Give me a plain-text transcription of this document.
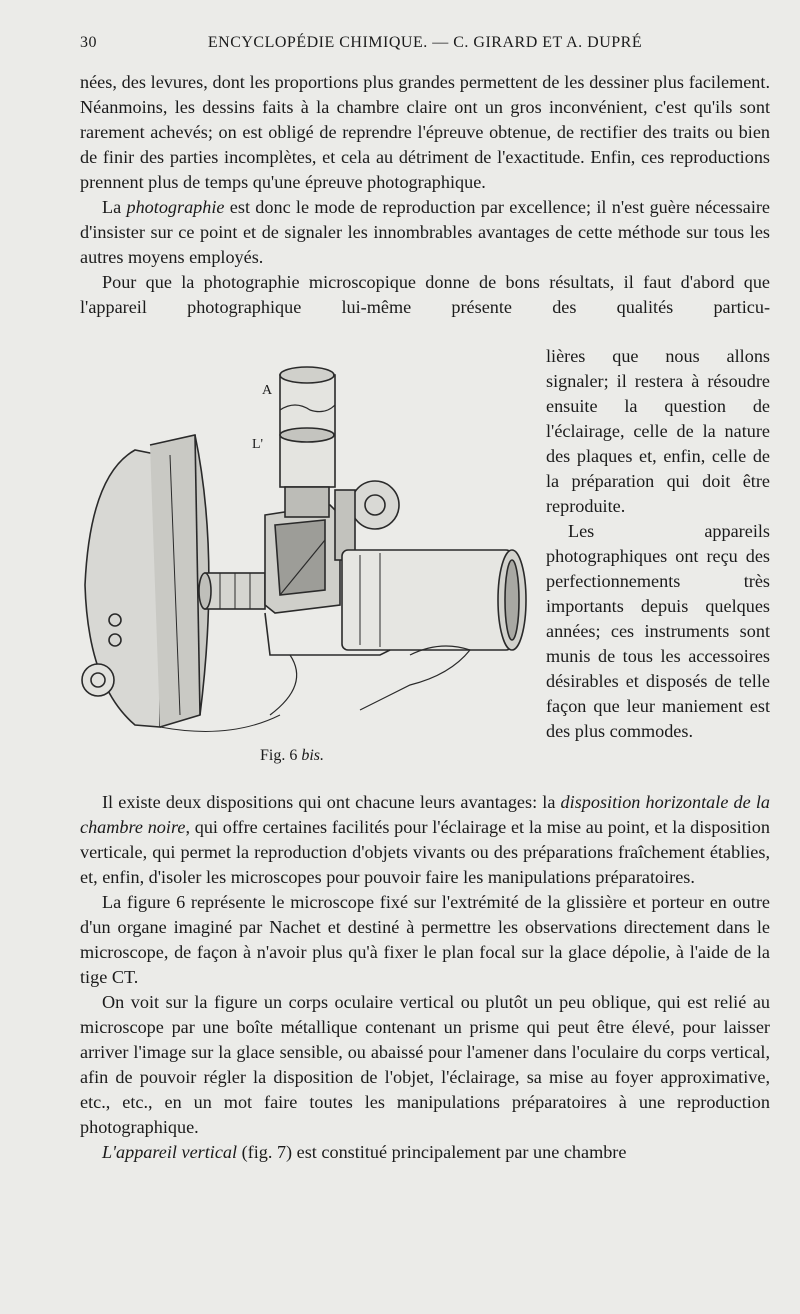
30	ENCYCLOPÉDIE CHIMIQUE. — C. GIRARD ET A. DUPRÉ

nées, des levures, dont les proportions plus grandes permettent de les dessiner plus facilement. Néanmoins, les dessins faits à la chambre claire ont un gros inconvénient, c'est qu'ils sont rarement achevés; on est obligé de reprendre l'épreuve obtenue, de rectifier des traits ou bien de finir des parties incomplètes, et cela au détriment de l'exactitude. Enfin, ces reproductions prennent plus de temps qu'une épreuve photographique.

La photographie est donc le mode de reproduction par excellence; il n'est guère nécessaire d'insister sur ce point et de signaler les innombrables avantages de cette méthode sur tous les autres moyens employés.

Pour que la photographie microscopique donne de bons résultats, il faut d'abord que l'appareil photographique lui-même présente des qualités particu-

lières que nous allons signaler; il restera à résoudre ensuite la question de l'éclairage, celle de la nature des plaques et, enfin, celle de la préparation qui doit être reproduite.

Les appareils photographiques ont reçu des perfectionnements très importants depuis quelques années; ces instruments sont munis de tous les accessoires désirables et disposés de telle façon que leur maniement est des plus commodes.

A
L'
Fig. 6 bis.

Il existe deux dispositions qui ont chacune leurs avantages: la disposition horizontale de la chambre noire, qui offre certaines facilités pour l'éclairage et la mise au point, et la disposition verticale, qui permet la reproduction d'objets vivants ou des préparations fraîchement établies, et, enfin, d'isoler les microscopes pour pouvoir faire les manipulations préparatoires.

La figure 6 représente le microscope fixé sur l'extrémité de la glissière et porteur en outre d'un organe imaginé par Nachet et destiné à permettre les observations directement dans le microscope, de façon à n'avoir plus qu'à fixer le plan focal sur la glace dépolie, à l'aide de la tige CT.

On voit sur la figure un corps oculaire vertical ou plutôt un peu oblique, qui est relié au microscope par une boîte métallique contenant un prisme qui peut être élevé, pour laisser arriver l'image sur la glace sensible, ou abaissé pour l'amener dans l'oculaire du corps vertical, afin de pouvoir régler la disposition de l'objet, l'éclairage, sa mise au foyer approximative, etc., etc., en un mot faire toutes les manipulations préparatoires à une reproduction photographique.

L'appareil vertical (fig. 7) est constitué principalement par une chambre
